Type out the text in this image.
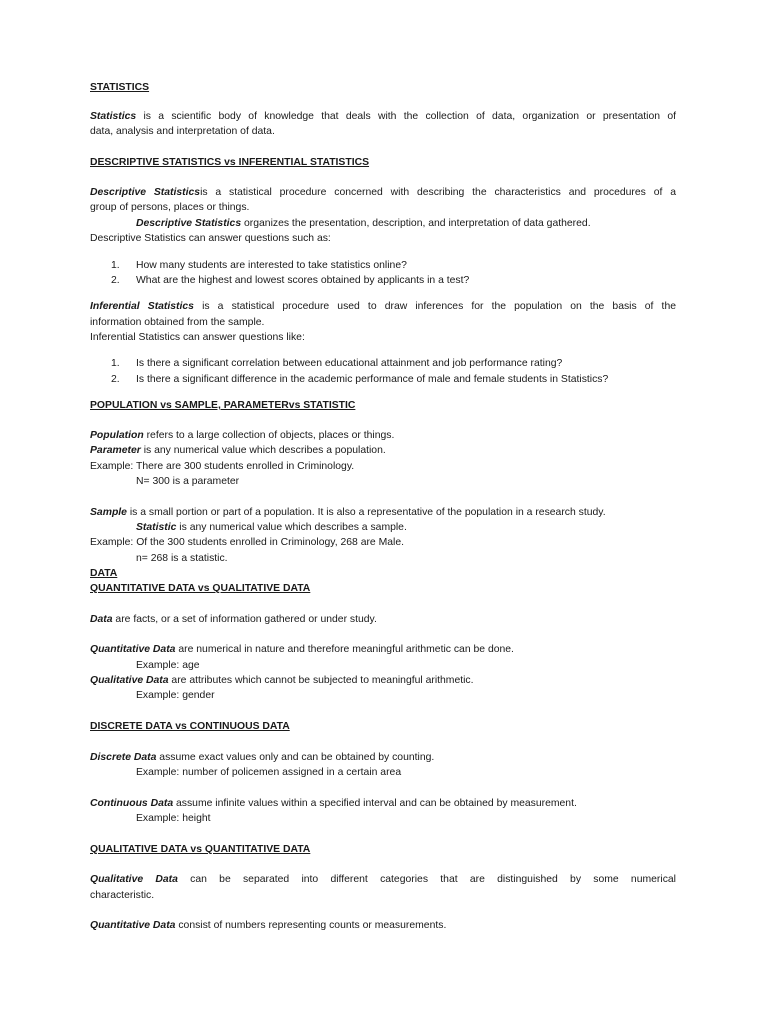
STATISTICS
Statistics is a scientific body of knowledge that deals with the collection of data, organization or presentation of
data, analysis and interpretation of data.
DESCRIPTIVE STATISTICS vs INFERENTIAL STATISTICS
Descriptive Statisticsis a statistical procedure concerned with describing the characteristics and procedures of a
group of persons, places or things.
Descriptive Statistics organizes the presentation, description, and interpretation of data gathered.
Descriptive Statistics can answer questions such as:
1. How many students are interested to take statistics online?
2. What are the highest and lowest scores obtained by applicants in a test?
Inferential Statistics is a statistical procedure used to draw inferences for the population on the basis of the
information obtained from the sample.
Inferential Statistics can answer questions like:
1. Is there a significant correlation between educational attainment and job performance rating?
2. Is there a significant difference in the academic performance of male and female students in Statistics?
POPULATION vs SAMPLE, PARAMETERvs STATISTIC
Population refers to a large collection of objects, places or things.
Parameter is any numerical value which describes a population.
Example: There are 300 students enrolled in Criminology.
N= 300 is a parameter
Sample is a small portion or part of a population. It is also a representative of the population in a research study.
Statistic is any numerical value which describes a sample.
Example: Of the 300 students enrolled in Criminology, 268 are Male.
n= 268 is a statistic.
DATA
QUANTITATIVE DATA vs QUALITATIVE DATA
Data are facts, or a set of information gathered or under study.
Quantitative Data are numerical in nature and therefore meaningful arithmetic can be done.
Example: age
Qualitative Data are attributes which cannot be subjected to meaningful arithmetic.
Example: gender
DISCRETE DATA vs CONTINUOUS DATA
Discrete Data assume exact values only and can be obtained by counting.
Example: number of policemen assigned in a certain area
Continuous Data assume infinite values within a specified interval and can be obtained by measurement.
Example: height
QUALITATIVE DATA vs QUANTITATIVE DATA
Qualitative Data can be separated into different categories that are distinguished by some numerical
characteristic.
Quantitative Data consist of numbers representing counts or measurements.
